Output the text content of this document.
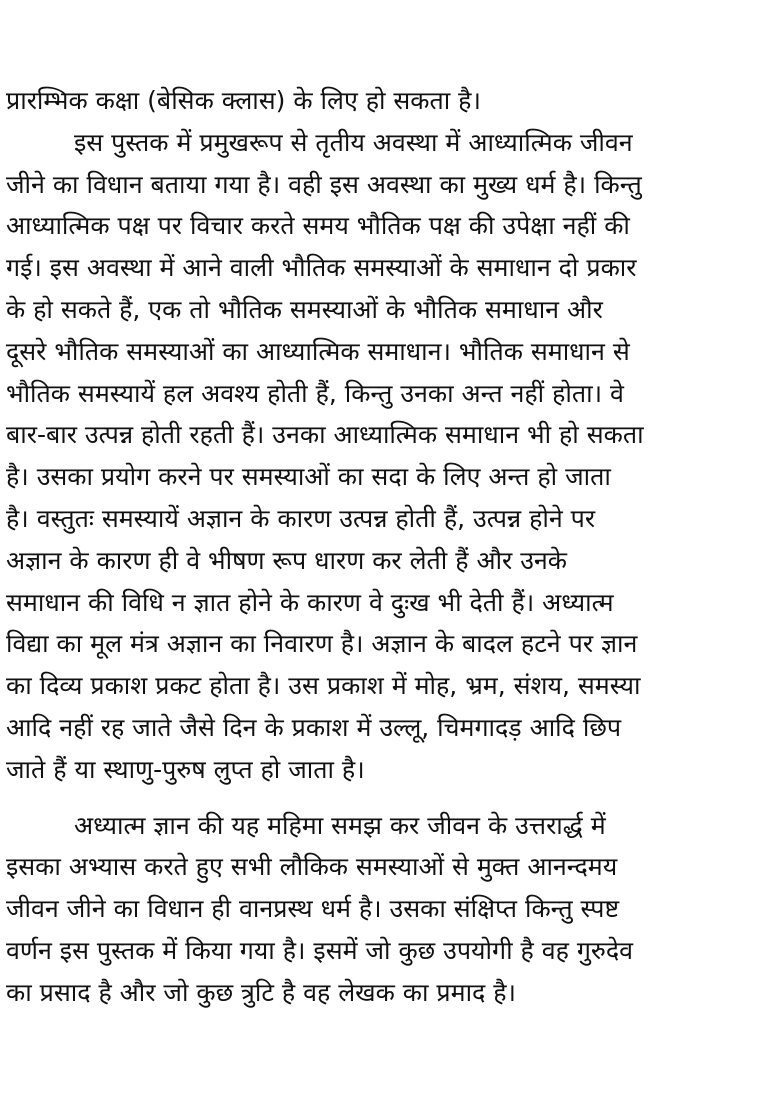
प्रारम्भिक कक्षा (बेसिक क्लास) के लिए हो सकता है।
इस पुस्तक में प्रमुखरूप से तृतीय अवस्था में आध्यात्मिक जीवन
जीने का विधान बताया गया है। वही इस अवस्था का मुख्य धर्म है। किन्तु
आध्यात्मिक पक्ष पर विचार करते समय भौतिक पक्ष की उपेक्षा नहीं की
गई। इस अवस्था में आने वाली भौतिक समस्याओं के समाधान दो प्रकार
के हो सकते हैं, एक तो भौतिक समस्याओं के भौतिक समाधान और
दूसरे भौतिक समस्याओं का आध्यात्मिक समाधान। भौतिक समाधान से
भौतिक समस्यायें हल अवश्य होती हैं, किन्तु उनका अन्त नहीं होता। वे
बार-बार उत्पन्न होती रहती हैं। उनका आध्यात्मिक समाधान भी हो सकता
है। उसका प्रयोग करने पर समस्याओं का सदा के लिए अन्त हो जाता
है। वस्तुतः समस्यायें अज्ञान के कारण उत्पन्न होती हैं, उत्पन्न होने पर
अज्ञान के कारण ही वे भीषण रूप धारण कर लेती हैं और उनके
समाधान की विधि न ज्ञात होने के कारण वे दुःख भी देती हैं। अध्यात्म
विद्या का मूल मंत्र अज्ञान का निवारण है। अज्ञान के बादल हटने पर ज्ञान
का दिव्य प्रकाश प्रकट होता है। उस प्रकाश में मोह, भ्रम, संशय, समस्या
आदि नहीं रह जाते जैसे दिन के प्रकाश में उल्लू, चिमगादड़ आदि छिप
जाते हैं या स्थाणु-पुरुष लुप्त हो जाता है।
अध्यात्म ज्ञान की यह महिमा समझ कर जीवन के उत्तरार्द्ध में
इसका अभ्यास करते हुए सभी लौकिक समस्याओं से मुक्त आनन्दमय
जीवन जीने का विधान ही वानप्रस्थ धर्म है। उसका संक्षिप्त किन्तु स्पष्ट
वर्णन इस पुस्तक में किया गया है। इसमें जो कुछ उपयोगी है वह गुरुदेव
का प्रसाद है और जो कुछ त्रुटि है वह लेखक का प्रमाद है।
